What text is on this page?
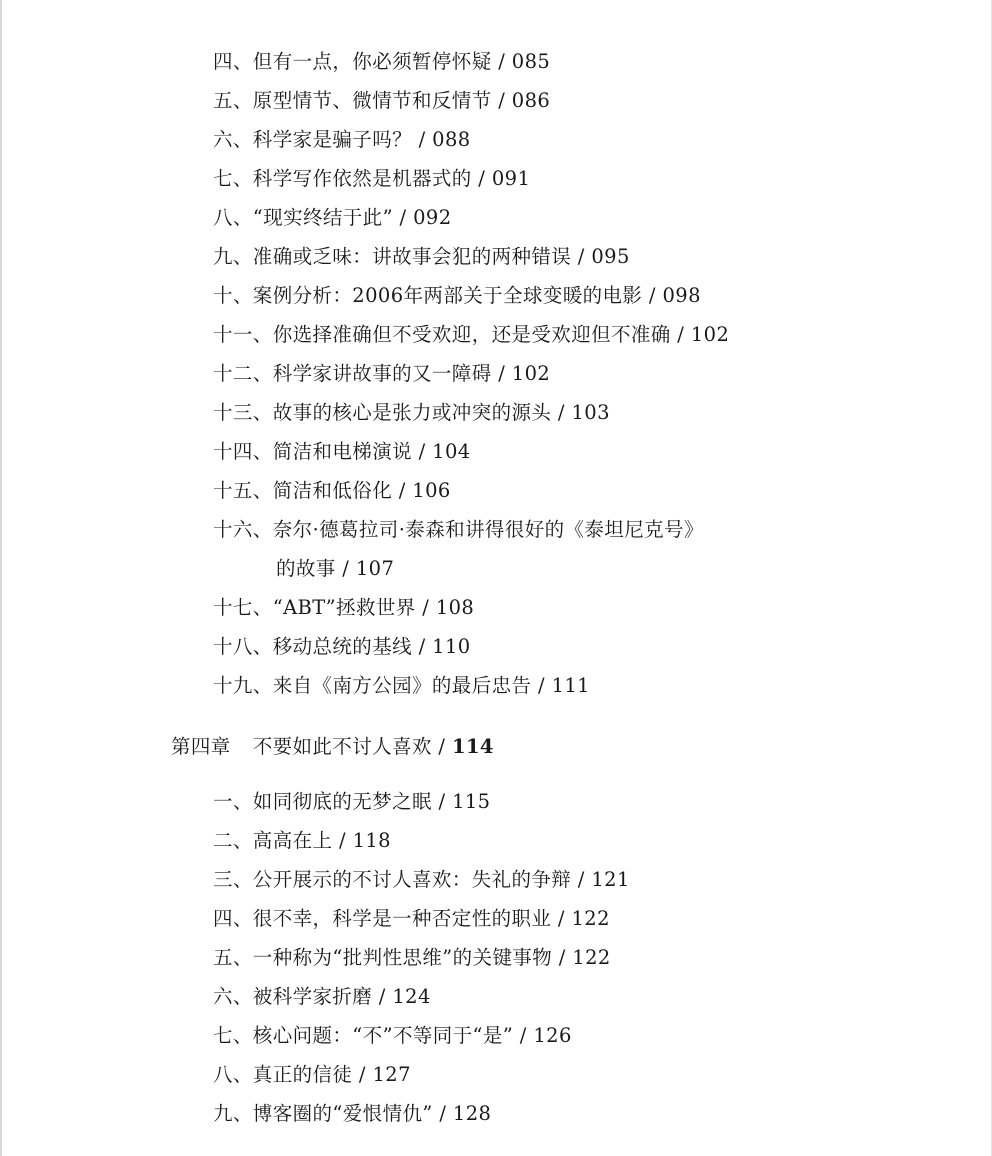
四、但有一点，你必须暂停怀疑 / 085
五、原型情节、微情节和反情节 / 086
六、科学家是骗子吗？ / 088
七、科学写作依然是机器式的 / 091
八、“现实终结于此” / 092
九、准确或乏味：讲故事会犯的两种错误 / 095
十、案例分析：2006年两部关于全球变暖的电影 / 098
十一、你选择准确但不受欢迎，还是受欢迎但不准确 / 102
十二、科学家讲故事的又一障碍 / 102
十三、故事的核心是张力或冲突的源头 / 103
十四、简洁和电梯演说 / 104
十五、简洁和低俗化 / 106
十六、奈尔·德葛拉司·泰森和讲得很好的《泰坦尼克号》
的故事 / 107
十七、“ABT”拯救世界 / 108
十八、移动总统的基线 / 110
十九、来自《南方公园》的最后忠告 / 111
第四章 不要如此不讨人喜欢 / 114
一、如同彻底的无梦之眠 / 115
二、高高在上 / 118
三、公开展示的不讨人喜欢：失礼的争辩 / 121
四、很不幸，科学是一种否定性的职业 / 122
五、一种称为“批判性思维”的关键事物 / 122
六、被科学家折磨 / 124
七、核心问题：“不”不等同于“是” / 126
八、真正的信徒 / 127
九、博客圈的“爱恨情仇” / 128
